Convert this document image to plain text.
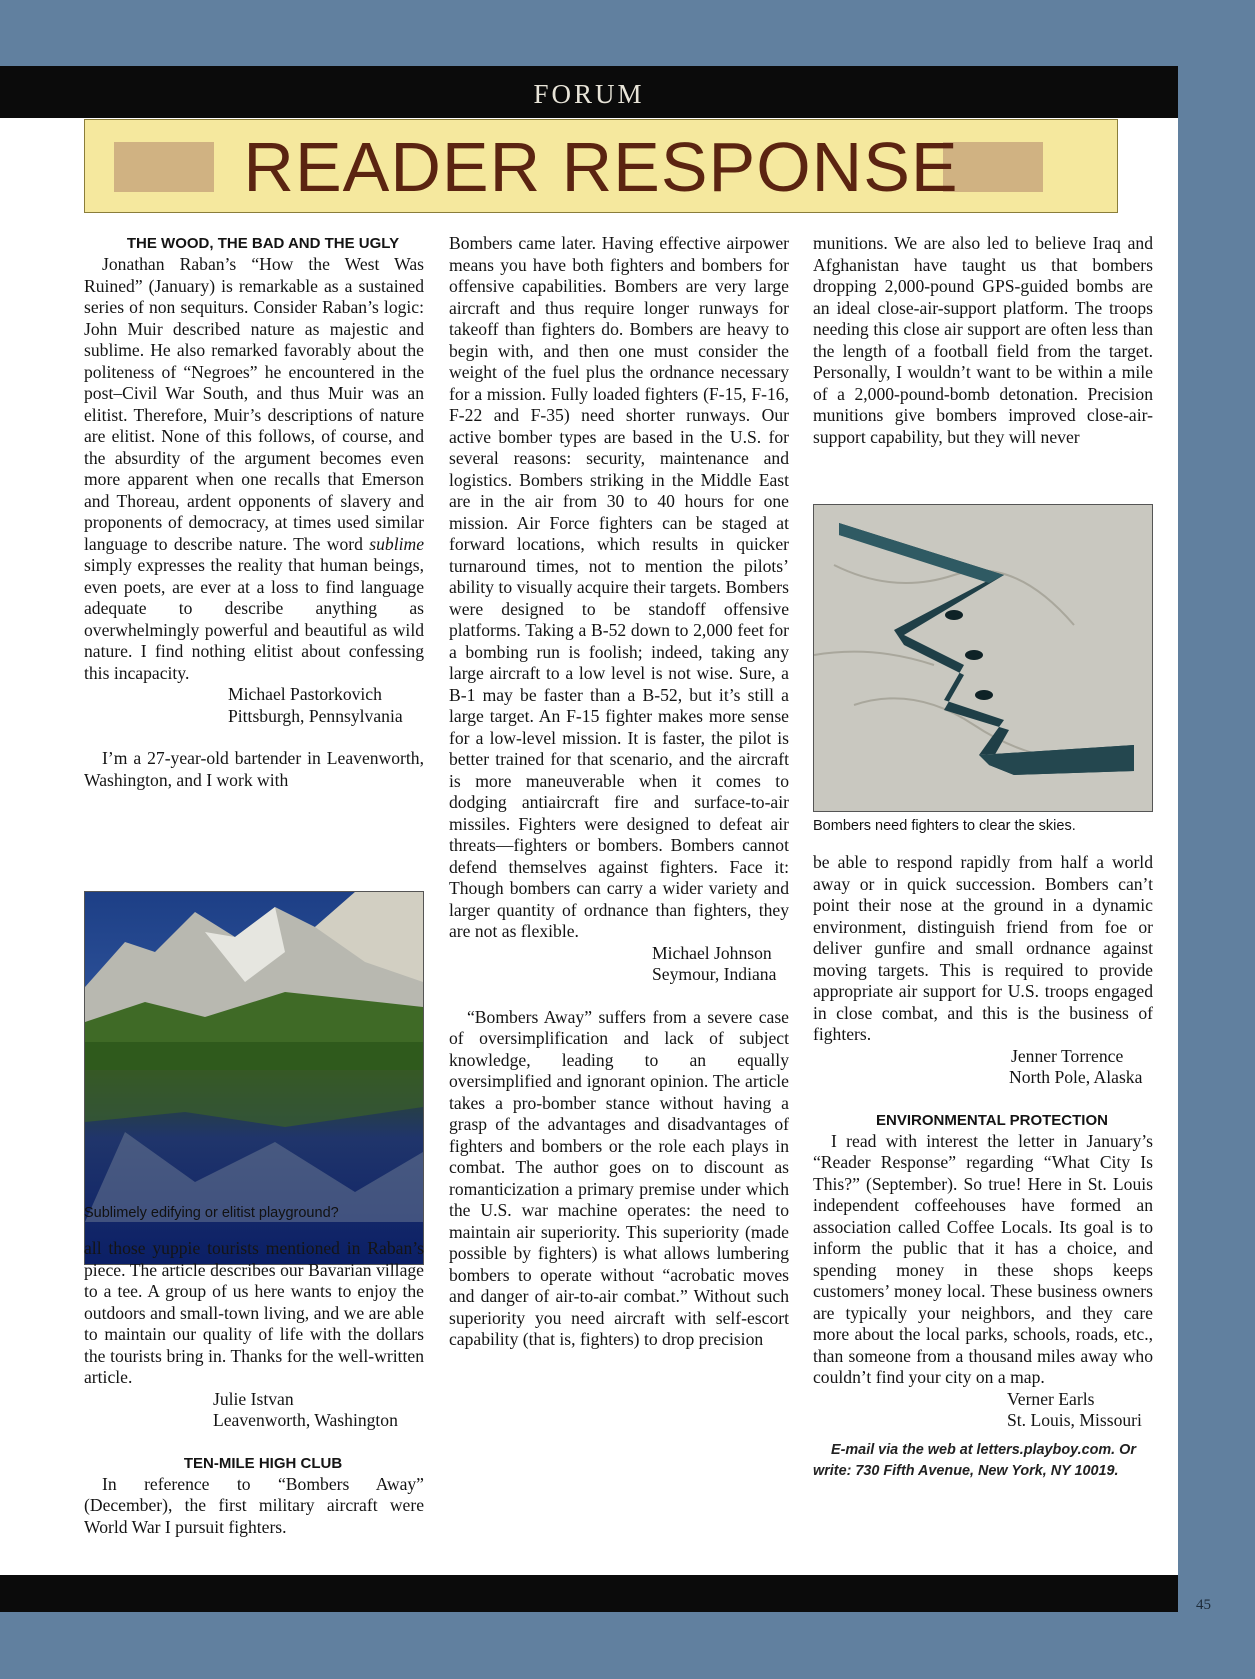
FORUM
READER RESPONSE

THE WOOD, THE BAD AND THE UGLY

Jonathan Raban’s “How the West Was Ruined” (January) is remarkable as a sustained series of non sequiturs. Consider Raban’s logic: John Muir described nature as majestic and sublime. He also remarked favorably about the politeness of “Negroes” he encountered in the post–Civil War South, and thus Muir was an elitist. Therefore, Muir’s descriptions of nature are elitist. None of this follows, of course, and the absurdity of the argument becomes even more apparent when one recalls that Emerson and Thoreau, ardent opponents of slavery and proponents of democracy, at times used similar language to describe nature. The word sublime simply expresses the reality that human beings, even poets, are ever at a loss to find language adequate to describe anything as overwhelmingly powerful and beautiful as wild nature. I find nothing elitist about confessing this incapacity.

Michael Pastorkovich

Pittsburgh, Pennsylvania

I’m a 27-year-old bartender in Leavenworth, Washington, and I work with

Sublimely edifying or elitist playground?

all those yuppie tourists mentioned in Raban’s piece. The article describes our Bavarian village to a tee. A group of us here wants to enjoy the outdoors and small-town living, and we are able to maintain our quality of life with the dollars the tourists bring in. Thanks for the well-written article.

Julie Istvan

Leavenworth, Washington

TEN-MILE HIGH CLUB

In reference to “Bombers Away” (December), the first military aircraft were World War I pursuit fighters.

Bombers came later. Having effective airpower means you have both fighters and bombers for offensive capabilities. Bombers are very large aircraft and thus require longer runways for takeoff than fighters do. Bombers are heavy to begin with, and then one must consider the weight of the fuel plus the ordnance necessary for a mission. Fully loaded fighters (F-15, F-16, F-22 and F-35) need shorter runways. Our active bomber types are based in the U.S. for several reasons: security, maintenance and logistics. Bombers striking in the Middle East are in the air from 30 to 40 hours for one mission. Air Force fighters can be staged at forward locations, which results in quicker turnaround times, not to mention the pilots’ ability to visually acquire their targets. Bombers were designed to be standoff offensive platforms. Taking a B-52 down to 2,000 feet for a bombing run is foolish; indeed, taking any large aircraft to a low level is not wise. Sure, a B-1 may be faster than a B-52, but it’s still a large target. An F-15 fighter makes more sense for a low-level mission. It is faster, the pilot is better trained for that scenario, and the aircraft is more maneuverable when it comes to dodging antiaircraft fire and surface-to-air missiles. Fighters were designed to defeat air threats—fighters or bombers. Bombers cannot defend themselves against fighters. Face it: Though bombers can carry a wider variety and larger quantity of ordnance than fighters, they are not as flexible.

Michael Johnson

Seymour, Indiana

“Bombers Away” suffers from a severe case of oversimplification and lack of subject knowledge, leading to an equally oversimplified and ignorant opinion. The article takes a pro-bomber stance without having a grasp of the advantages and disadvantages of fighters and bombers or the role each plays in combat. The author goes on to discount as romanticization a primary premise under which the U.S. war machine operates: the need to maintain air superiority. This superiority (made possible by fighters) is what allows lumbering bombers to operate without “acrobatic moves and danger of air-to-air combat.” Without such superiority you need aircraft with self-escort capability (that is, fighters) to drop precision

munitions. We are also led to believe Iraq and Afghanistan have taught us that bombers dropping 2,000-pound GPS-guided bombs are an ideal close-air-support platform. The troops needing this close air support are often less than the length of a football field from the target. Personally, I wouldn’t want to be within a mile of a 2,000-pound-bomb detonation. Precision munitions give bombers improved close-air-support capability, but they will never

Bombers need fighters to clear the skies.

be able to respond rapidly from half a world away or in quick succession. Bombers can’t point their nose at the ground in a dynamic environment, distinguish friend from foe or deliver gunfire and small ordnance against moving targets. This is required to provide appropriate air support for U.S. troops engaged in close combat, and this is the business of fighters.

Jenner Torrence

North Pole, Alaska

ENVIRONMENTAL PROTECTION

I read with interest the letter in January’s “Reader Response” regarding “What City Is This?” (September). So true! Here in St. Louis independent coffeehouses have formed an association called Coffee Locals. Its goal is to inform the public that it has a choice, and spending money in these shops keeps customers’ money local. These business owners are typically your neighbors, and they care more about the local parks, schools, roads, etc., than someone from a thousand miles away who couldn’t find your city on a map.

Verner Earls

St. Louis, Missouri

E-mail via the web at letters.playboy.com. Or write: 730 Fifth Avenue, New York, NY 10019.

45
